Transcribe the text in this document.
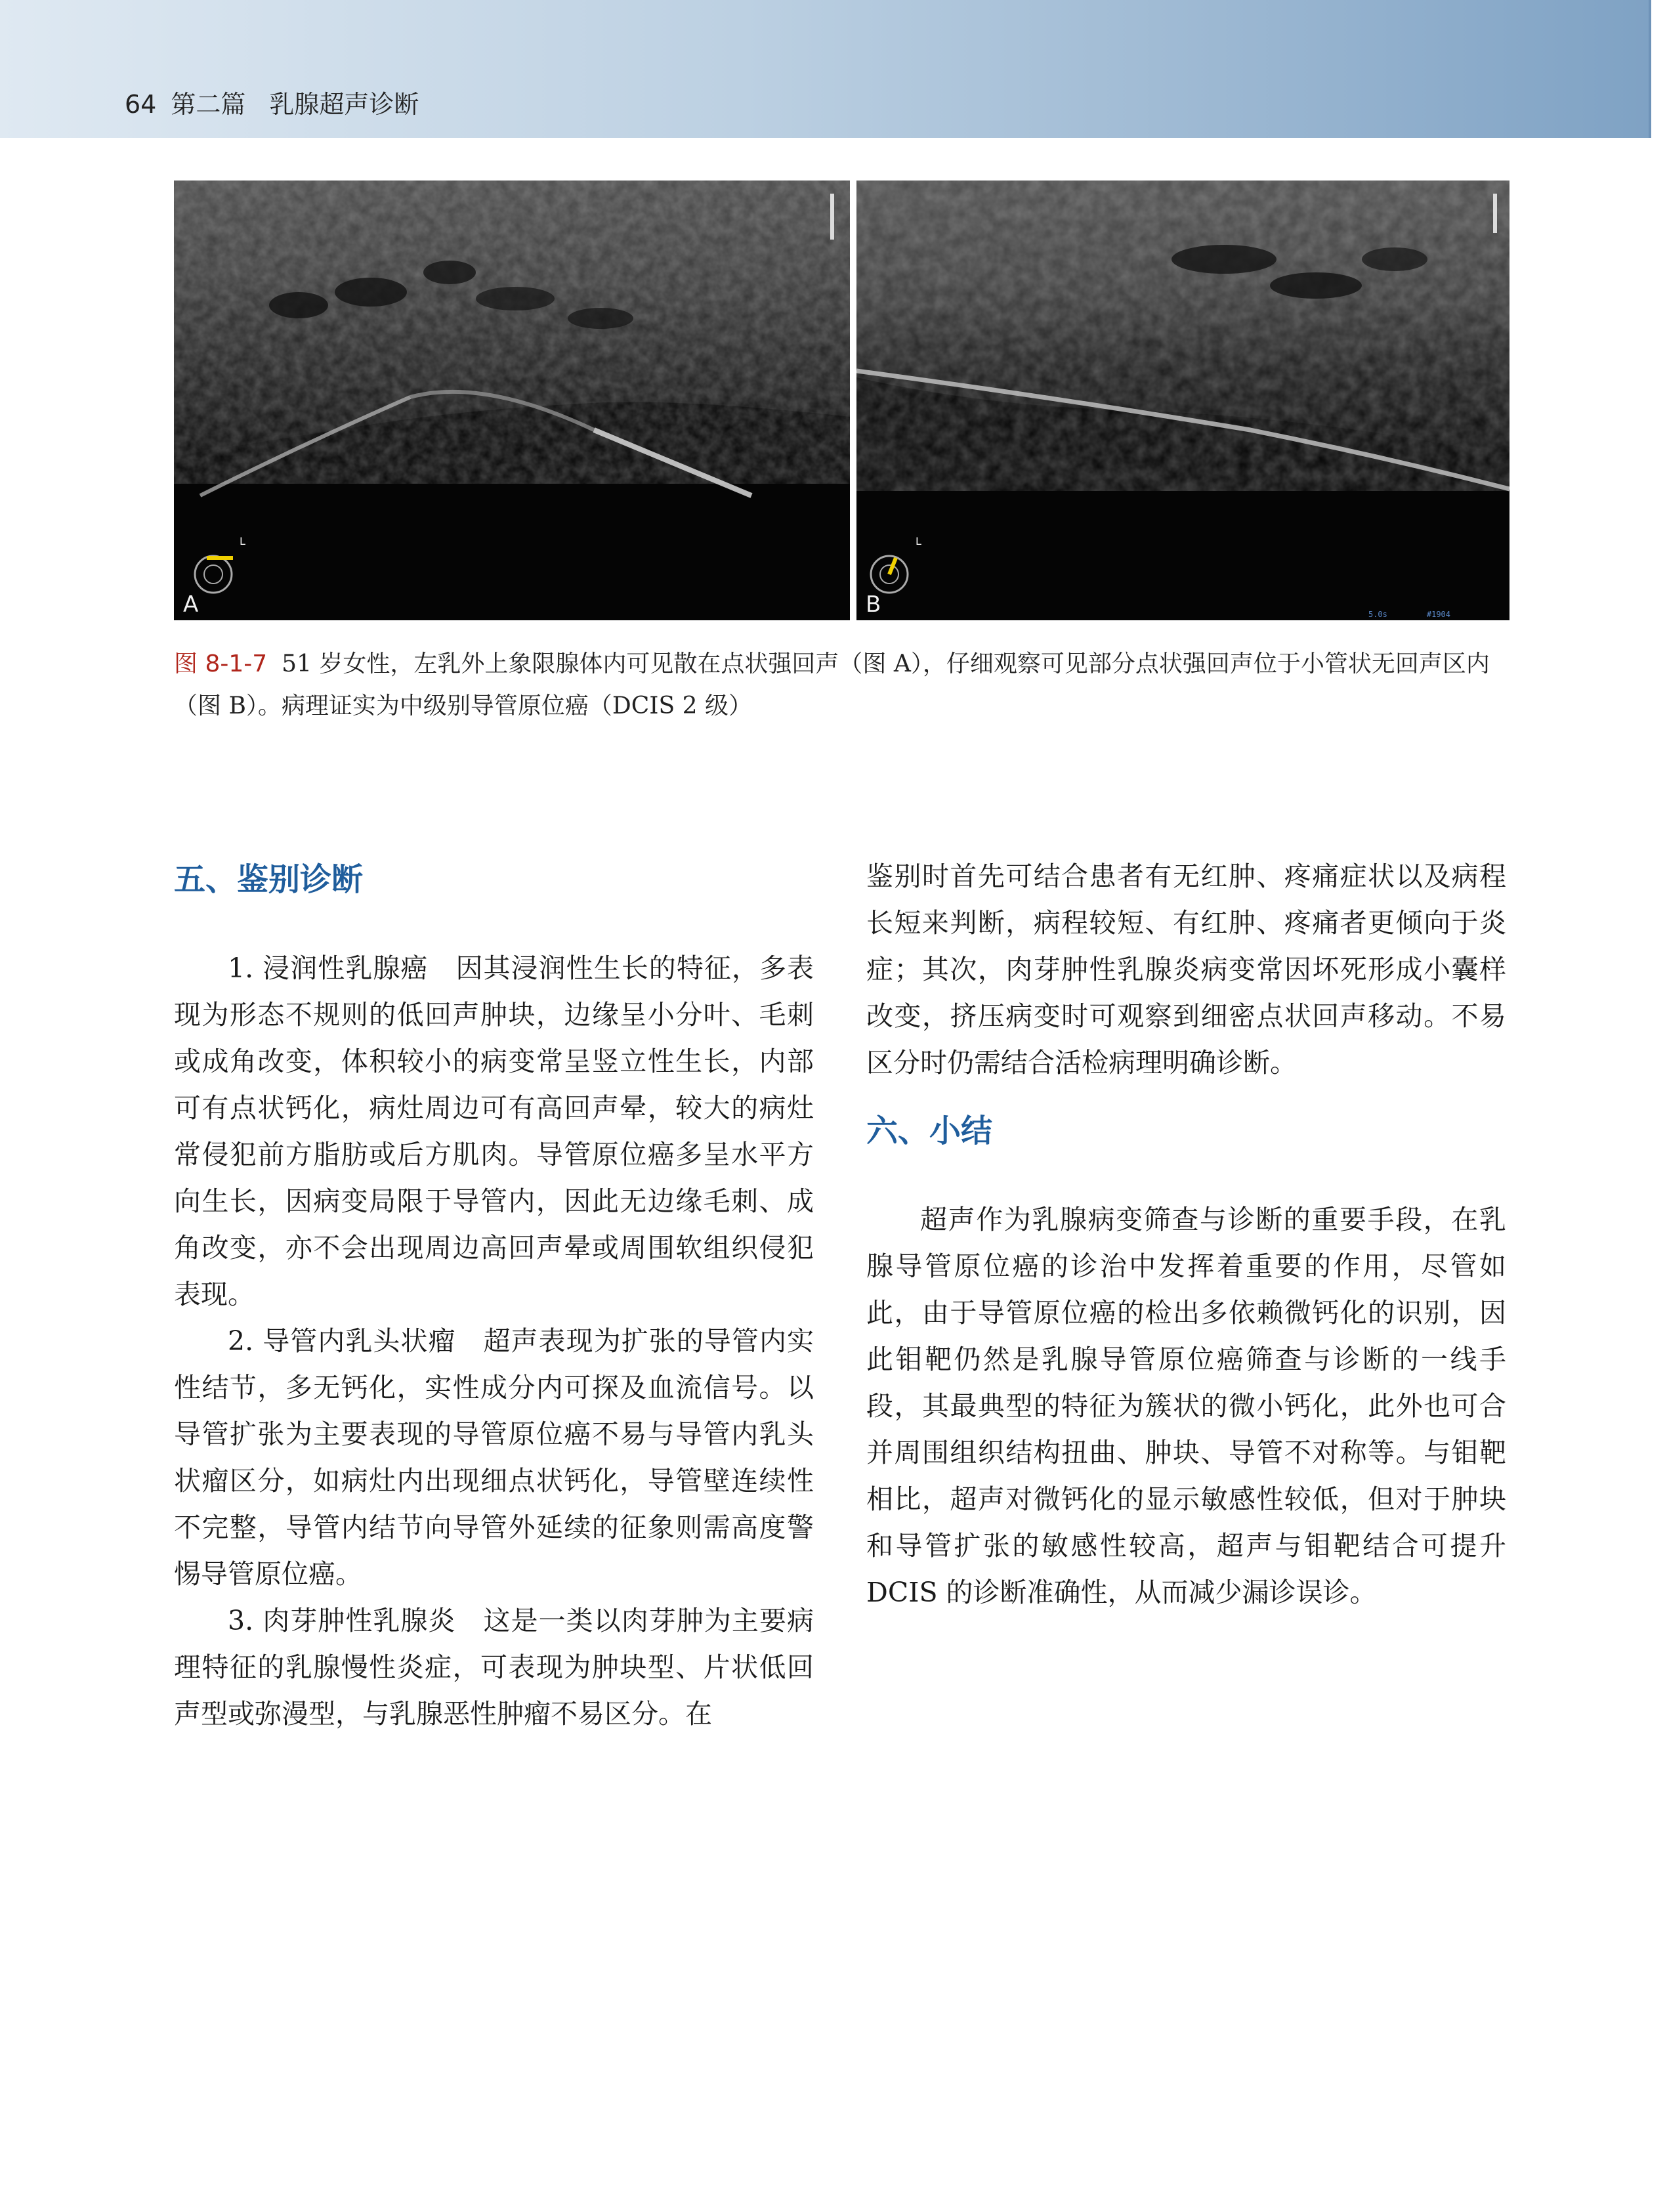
64 第二篇 乳腺超声诊断
L
A
L
B	5.0s	#1904
图 8-1-7 51 岁女性，左乳外上象限腺体内可见散在点状强回声（图 A），仔细观察可见部分点状强回声位于小管状无回声区内（图 B）。病理证实为中级别导管原位癌（DCIS 2 级）
五、鉴别诊断

1. 浸润性乳腺癌　因其浸润性生长的特征，多表现为形态不规则的低回声肿块，边缘呈小分叶、毛刺或成角改变，体积较小的病变常呈竖立性生长，内部可有点状钙化，病灶周边可有高回声晕，较大的病灶常侵犯前方脂肪或后方肌肉。导管原位癌多呈水平方向生长，因病变局限于导管内，因此无边缘毛刺、成角改变，亦不会出现周边高回声晕或周围软组织侵犯表现。

2. 导管内乳头状瘤　超声表现为扩张的导管内实性结节，多无钙化，实性成分内可探及血流信号。以导管扩张为主要表现的导管原位癌不易与导管内乳头状瘤区分，如病灶内出现细点状钙化，导管壁连续性不完整，导管内结节向导管外延续的征象则需高度警惕导管原位癌。

3. 肉芽肿性乳腺炎　这是一类以肉芽肿为主要病理特征的乳腺慢性炎症，可表现为肿块型、片状低回声型或弥漫型，与乳腺恶性肿瘤不易区分。在

鉴别时首先可结合患者有无红肿、疼痛症状以及病程长短来判断，病程较短、有红肿、疼痛者更倾向于炎症；其次，肉芽肿性乳腺炎病变常因坏死形成小囊样改变，挤压病变时可观察到细密点状回声移动。不易区分时仍需结合活检病理明确诊断。

六、小结

超声作为乳腺病变筛查与诊断的重要手段，在乳腺导管原位癌的诊治中发挥着重要的作用，尽管如此，由于导管原位癌的检出多依赖微钙化的识别，因此钼靶仍然是乳腺导管原位癌筛查与诊断的一线手段，其最典型的特征为簇状的微小钙化，此外也可合并周围组织结构扭曲、肿块、导管不对称等。与钼靶相比，超声对微钙化的显示敏感性较低，但对于肿块和导管扩张的敏感性较高，超声与钼靶结合可提升 DCIS 的诊断准确性，从而减少漏诊误诊。
